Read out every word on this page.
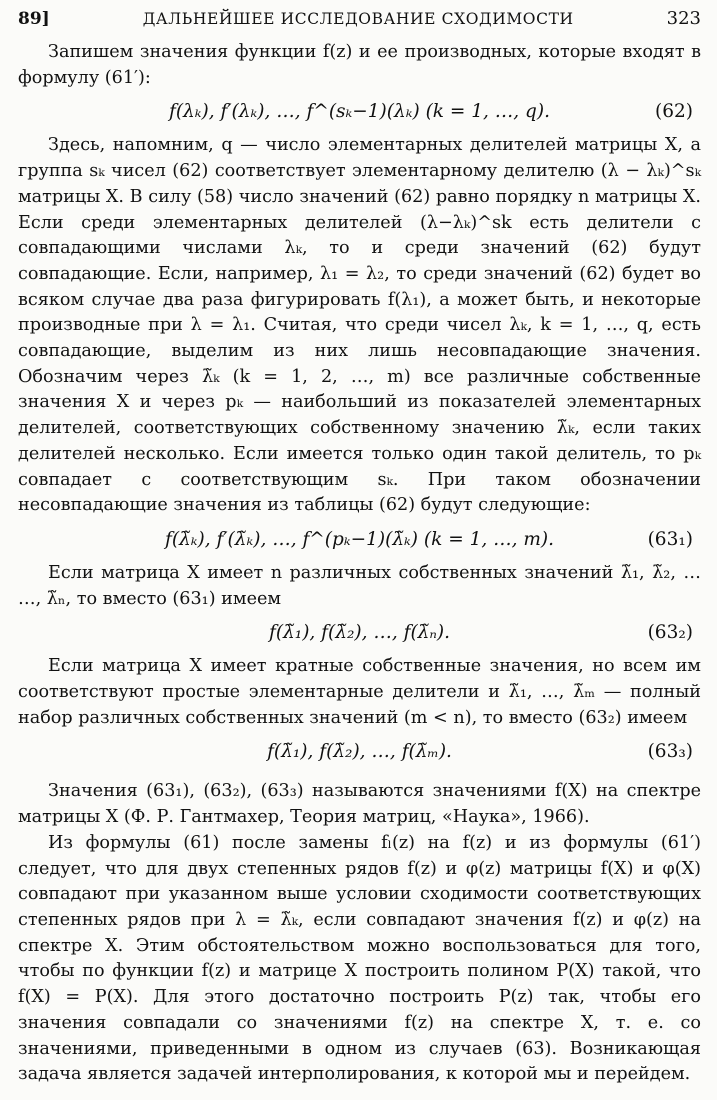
89]	ДАЛЬНЕЙШЕЕ ИССЛЕДОВАНИЕ СХОДИМОСТИ	323

Запишем значения функции f(z) и ее производных, которые входят в формулу (61′):

f(λₖ), f′(λₖ), …, f^(sₖ−1)(λₖ) (k = 1, …, q).	(62)

Здесь, напомним, q — число элементарных делителей матрицы X, а группа sₖ чисел (62) соответствует элементарному делителю (λ − λₖ)^sₖ матрицы X. В силу (58) число значений (62) равно порядку n матрицы X. Если среди элементарных делителей (λ−λₖ)^sk есть делители с совпадающими числами λₖ, то и среди значений (62) будут совпадающие. Если, например, λ₁ = λ₂, то среди значений (62) будет во всяком случае два раза фигурировать f(λ₁), а может быть, и некоторые производные при λ = λ₁. Считая, что среди чисел λₖ, k = 1, …, q, есть совпадающие, выделим из них лишь несовпадающие значения. Обозначим через λ̃ₖ (k = 1, 2, …, m) все различные собственные значения X и через pₖ — наибольший из показателей элементарных делителей, соответствующих собственному значению λ̃ₖ, если таких делителей несколько. Если имеется только один такой делитель, то pₖ совпадает с соответствующим sₖ. При таком обозначении несовпадающие значения из таблицы (62) будут следующие:

f(λ̃ₖ), f′(λ̃ₖ), …, f^(pₖ−1)(λ̃ₖ) (k = 1, …, m).	(63₁)

Если матрица X имеет n различных собственных значений λ̃₁, λ̃₂, … …, λ̃ₙ, то вместо (63₁) имеем

f(λ̃₁), f(λ̃₂), …, f(λ̃ₙ).	(63₂)

Если матрица X имеет кратные собственные значения, но всем им соответствуют простые элементарные делители и λ̃₁, …, λ̃ₘ — полный набор различных собственных значений (m < n), то вместо (63₂) имеем

f(λ̃₁), f(λ̃₂), …, f(λ̃ₘ).	(63₃)

Значения (63₁), (63₂), (63₃) называются значениями f(X) на спектре матрицы X (Ф. Р. Гантмахер, Теория матриц, «Наука», 1966).

Из формулы (61) после замены fₗ(z) на f(z) и из формулы (61′) следует, что для двух степенных рядов f(z) и φ(z) матрицы f(X) и φ(X) совпадают при указанном выше условии сходимости соответствующих степенных рядов при λ = λ̃ₖ, если совпадают значения f(z) и φ(z) на спектре X. Этим обстоятельством можно воспользоваться для того, чтобы по функции f(z) и матрице X построить полином P(X) такой, что f(X) = P(X). Для этого достаточно построить P(z) так, чтобы его значения совпадали со значениями f(z) на спектре X, т. е. со значениями, приведенными в одном из случаев (63). Возникающая задача является задачей интерполирования, к которой мы и перейдем.
